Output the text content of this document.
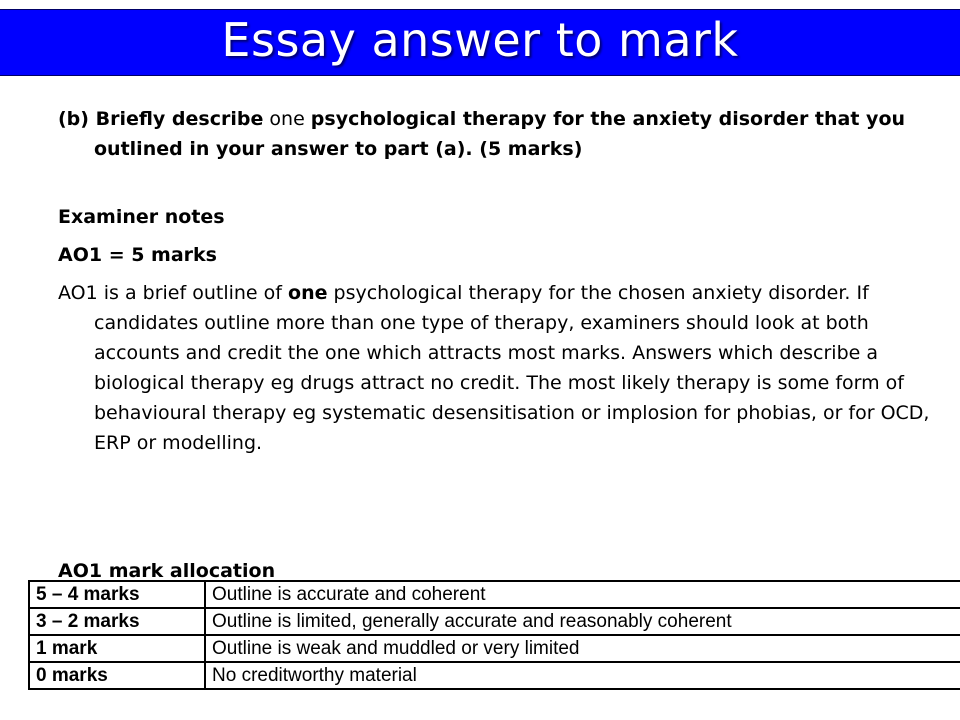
Essay answer to mark

(b) Briefly describe one psychological therapy for the anxiety disorder that you outlined in your answer to part (a). (5 marks)

Examiner notes

AO1 = 5 marks

AO1 is a brief outline of one psychological therapy for the chosen anxiety disorder. If candidates outline more than one type of therapy, examiners should look at both accounts and credit the one which attracts most marks. Answers which describe a biological therapy eg drugs attract no credit. The most likely therapy is some form of behavioural therapy eg systematic desensitisation or implosion for phobias, or for OCD, ERP or modelling.

AO1 mark allocation
5 – 4 marks	Outline is accurate and coherent
3 – 2 marks	Outline is limited, generally accurate and reasonably coherent
1 mark	Outline is weak and muddled or very limited
0 marks	No creditworthy material
